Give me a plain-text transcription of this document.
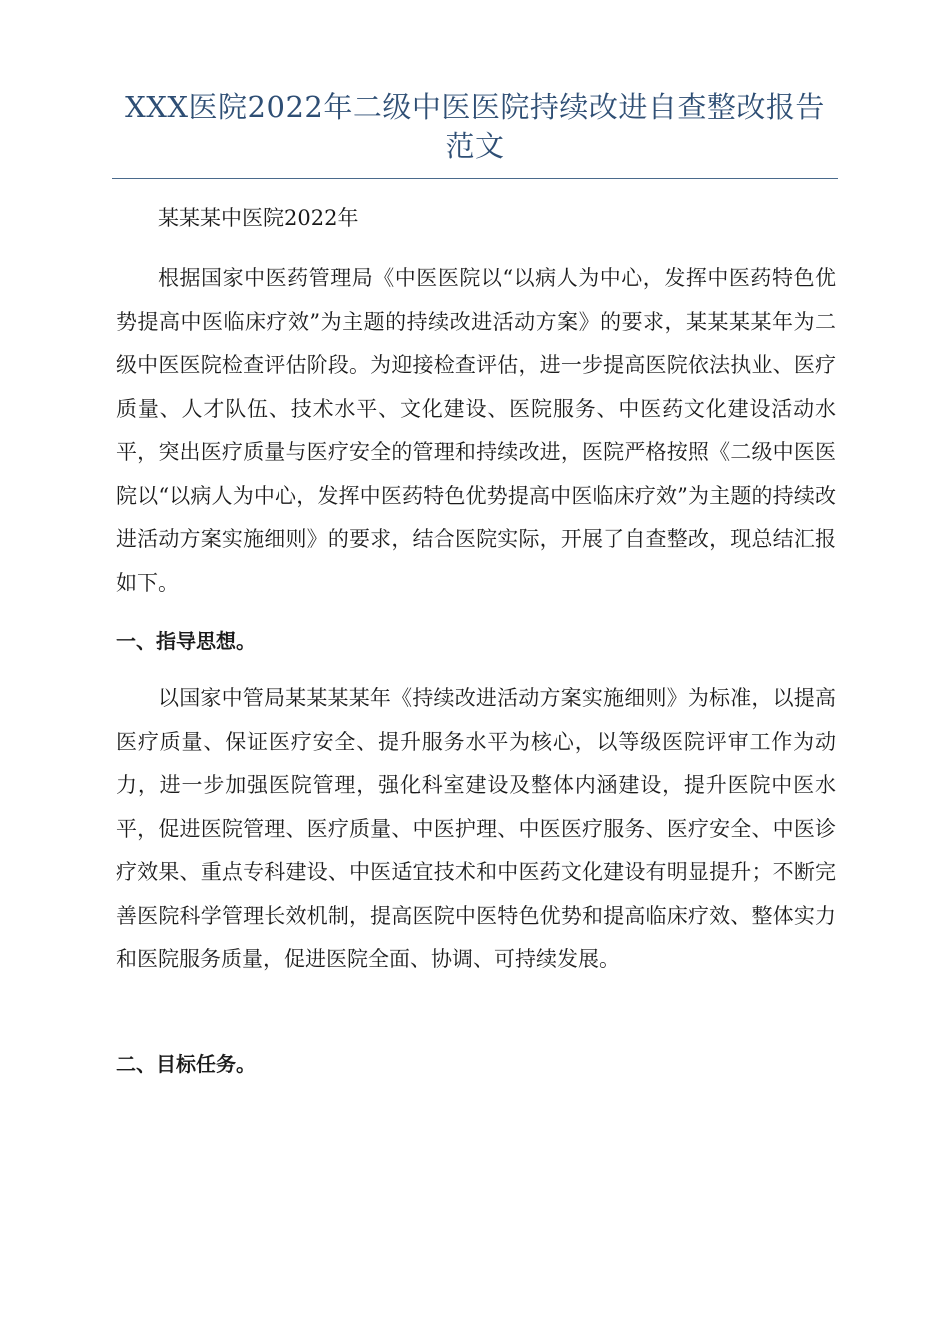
XXX医院2022年二级中医医院持续改进自查整改报告范文

某某某中医院2022年

根据国家中医药管理局《中医医院以“以病人为中心，发挥中医药特色优势提高中医临床疗效”为主题的持续改进活动方案》的要求，某某某某年为二级中医医院检查评估阶段。为迎接检查评估，进一步提高医院依法执业、医疗质量、人才队伍、技术水平、文化建设、医院服务、中医药文化建设活动水平，突出医疗质量与医疗安全的管理和持续改进，医院严格按照《二级中医医院以“以病人为中心，发挥中医药特色优势提高中医临床疗效”为主题的持续改进活动方案实施细则》的要求，结合医院实际，开展了自查整改，现总结汇报如下。

一、指导思想。

以国家中管局某某某某年《持续改进活动方案实施细则》为标准，以提高医疗质量、保证医疗安全、提升服务水平为核心，以等级医院评审工作为动力，进一步加强医院管理，强化科室建设及整体内涵建设，提升医院中医水平，促进医院管理、医疗质量、中医护理、中医医疗服务、医疗安全、中医诊疗效果、重点专科建设、中医适宜技术和中医药文化建设有明显提升；不断完善医院科学管理长效机制，提高医院中医特色优势和提高临床疗效、整体实力和医院服务质量，促进医院全面、协调、可持续发展。

二、目标任务。
